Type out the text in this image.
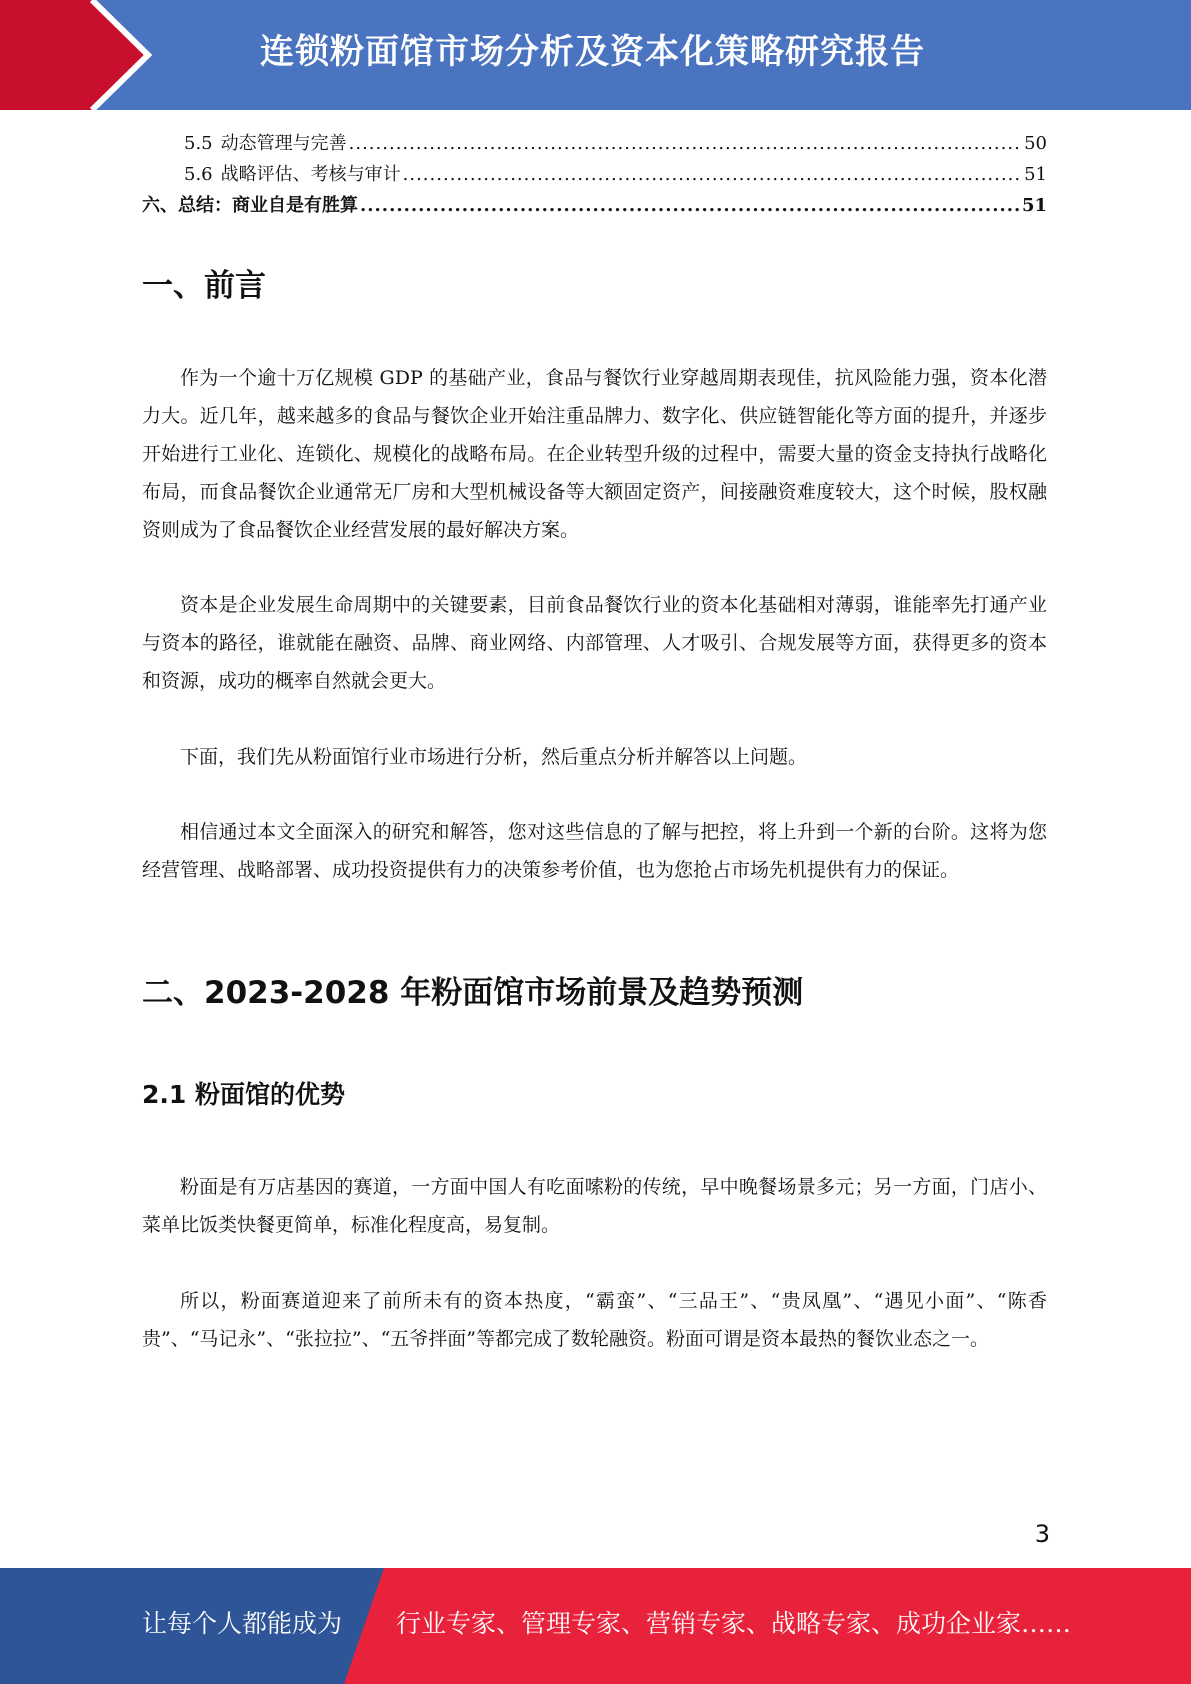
连锁粉面馆市场分析及资本化策略研究报告
5.5 动态管理与完善 .....	50
5.6 战略评估、考核与审计 .....	51
六、 总结：商业自是有胜算 .....	51
一、前言

作为一个逾十万亿规模 GDP 的基础产业，食品与餐饮行业穿越周期表现佳，抗风险能力强，资本化潜力大。近几年，越来越多的食品与餐饮企业开始注重品牌力、数字化、供应链智能化等方面的提升，并逐步开始进行工业化、连锁化、规模化的战略布局。在企业转型升级的过程中，需要大量的资金支持执行战略化布局，而食品餐饮企业通常无厂房和大型机械设备等大额固定资产，间接融资难度较大，这个时候，股权融资则成为了食品餐饮企业经营发展的最好解决方案。

资本是企业发展生命周期中的关键要素，目前食品餐饮行业的资本化基础相对薄弱，谁能率先打通产业与资本的路径，谁就能在融资、品牌、商业网络、内部管理、人才吸引、合规发展等方面，获得更多的资本和资源，成功的概率自然就会更大。

下面，我们先从粉面馆行业市场进行分析，然后重点分析并解答以上问题。

相信通过本文全面深入的研究和解答，您对这些信息的了解与把控，将上升到一个新的台阶。这将为您经营管理、战略部署、成功投资提供有力的决策参考价值，也为您抢占市场先机提供有力的保证。

二、2023-2028 年粉面馆市场前景及趋势预测
2.1 粉面馆的优势

粉面是有万店基因的赛道，一方面中国人有吃面嗦粉的传统，早中晚餐场景多元；另一方面，门店小、菜单比饭类快餐更简单，标准化程度高，易复制。

所以，粉面赛道迎来了前所未有的资本热度，“霸蛮”、“三品王”、“贵凤凰”、“遇见小面”、“陈香贵”、“马记永”、“张拉拉”、“五爷拌面”等都完成了数轮融资。粉面可谓是资本最热的餐饮业态之一。

3
让每个人都能成为 行业专家、管理专家、营销专家、战略专家、成功企业家……
